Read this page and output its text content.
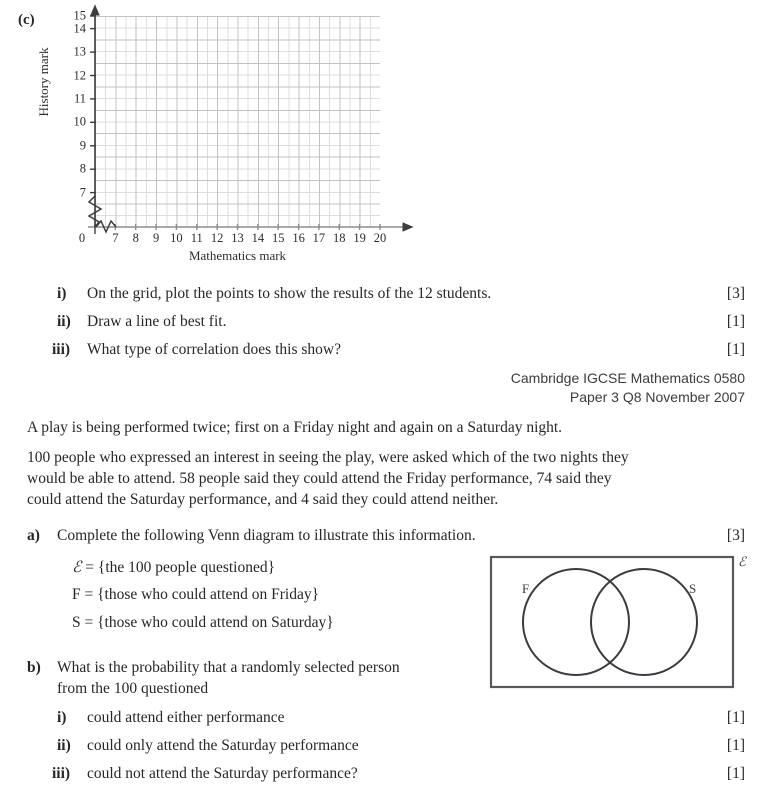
(c)	15
14
13
12
11
10
9
8
7
0 7 8 9 10 11 12 13 14 15 16 17 18 19 20
History mark
Mathematics mark
i) On the grid, plot the points to show the results of the 12 students.	[3]
ii) Draw a line of best fit.	[1]
iii) What type of correlation does this show?	[1]
Cambridge IGCSE Mathematics 0580
Paper 3 Q8 November 2007
A play is being performed twice; first on a Friday night and again on a Saturday night.
100 people who expressed an interest in seeing the play, were asked which of the two nights they
would be able to attend. 58 people said they could attend the Friday performance, 74 said they
could attend the Saturday performance, and 4 said they could attend neither.
a) Complete the following Venn diagram to illustrate this information.	[3]
ℰ = {the 100 people questioned}
F = {those who could attend on Friday}
S = {those who could attend on Saturday}
F	S
ℰ
b) What is the probability that a randomly selected person
from the 100 questioned
i) could attend either performance	[1]
ii) could only attend the Saturday performance	[1]
iii) could not attend the Saturday performance?	[1]
